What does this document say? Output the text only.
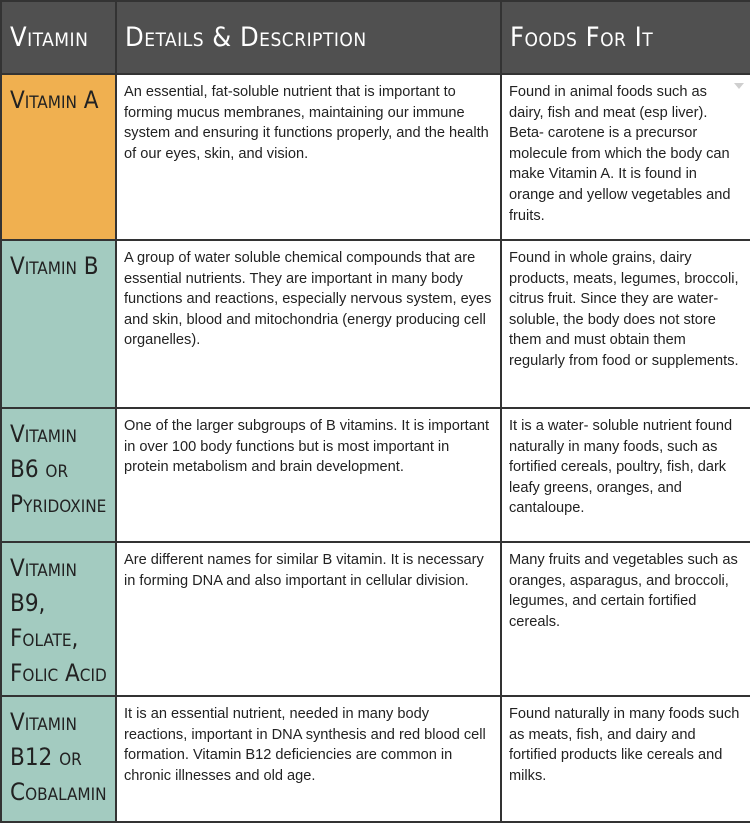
Vitamin	Details & Description	Foods For It
Vitamin A	An essential, fat-soluble nutrient that is important to forming mucus membranes, maintaining our immune system and ensuring it functions properly, and the health of our eyes, skin, and vision.	Found in animal foods such as dairy, fish and meat (esp liver). Beta- carotene is a precursor molecule from which the body can make Vitamin A. It is found in orange and yellow vegetables and fruits.
Vitamin B	A group of water soluble chemical compounds that are essential nutrients. They are important in many body functions and reactions, especially nervous system, eyes and skin, blood and mitochondria (energy producing cell organelles).	Found in whole grains, dairy products, meats, legumes, broccoli, citrus fruit. Since they are water-soluble, the body does not store them and must obtain them regularly from food or supplements.
Vitamin B6 or Pyridoxine	One of the larger subgroups of B vitamins. It is important in over 100 body functions but is most important in protein metabolism and brain development.	It is a water- soluble nutrient found naturally in many foods, such as fortified cereals, poultry, fish, dark leafy greens, oranges, and cantaloupe.
Vitamin B9, Folate, Folic Acid	Are different names for similar B vitamin. It is necessary in forming DNA and also important in cellular division.	Many fruits and vegetables such as oranges, asparagus, and broccoli, legumes, and certain fortified cereals.
Vitamin B12 or Cobalamin	It is an essential nutrient, needed in many body reactions, important in DNA synthesis and red blood cell formation. Vitamin B12 deficiencies are common in chronic illnesses and old age.	Found naturally in many foods such as meats, fish, and dairy and fortified products like cereals and milks.
